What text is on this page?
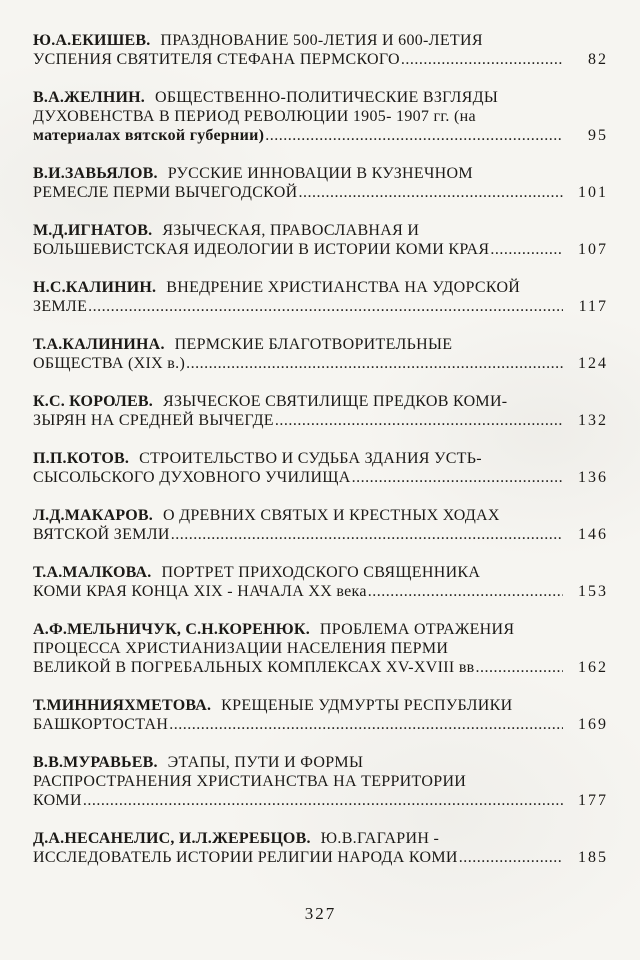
Ю.А.ЕКИШЕВ. ПРАЗДНОВАНИЕ 500-ЛЕТИЯ И 600-ЛЕТИЯ
УСПЕНИЯ СВЯТИТЕЛЯ СТЕФАНА ПЕРМСКОГО .....	82
В.А.ЖЕЛНИН. ОБЩЕСТВЕННО-ПОЛИТИЧЕСКИЕ ВЗГЛЯДЫ
ДУХОВЕНСТВА В ПЕРИОД РЕВОЛЮЦИИ 1905- 1907 гг. (на
материалах вятской губернии) .....	95
В.И.ЗАВЬЯЛОВ. РУССКИЕ ИННОВАЦИИ В КУЗНЕЧНОМ
РЕМЕСЛЕ ПЕРМИ ВЫЧЕГОДСКОЙ .....	101
М.Д.ИГНАТОВ. ЯЗЫЧЕСКАЯ, ПРАВОСЛАВНАЯ И
БОЛЬШЕВИСТСКАЯ ИДЕОЛОГИИ В ИСТОРИИ КОМИ КРАЯ .....	107
Н.С.КАЛИНИН. ВНЕДРЕНИЕ ХРИСТИАНСТВА НА УДОРСКОЙ
ЗЕМЛЕ .....	117
Т.А.КАЛИНИНА. ПЕРМСКИЕ БЛАГОТВОРИТЕЛЬНЫЕ
ОБЩЕСТВА (XIX в.) .....	124
К.С. КОРОЛЕВ. ЯЗЫЧЕСКОЕ СВЯТИЛИЩЕ ПРЕДКОВ КОМИ-
ЗЫРЯН НА СРЕДНЕЙ ВЫЧЕГДЕ .....	132
П.П.КОТОВ. СТРОИТЕЛЬСТВО И СУДЬБА ЗДАНИЯ УСТЬ-
СЫСОЛЬСКОГО ДУХОВНОГО УЧИЛИЩА .....	136
Л.Д.МАКАРОВ. О ДРЕВНИХ СВЯТЫХ И КРЕСТНЫХ ХОДАХ
ВЯТСКОЙ ЗЕМЛИ .....	146
Т.А.МАЛКОВА. ПОРТРЕТ ПРИХОДСКОГО СВЯЩЕННИКА
КОМИ КРАЯ КОНЦА XIX - НАЧАЛА XX века .....	153
А.Ф.МЕЛЬНИЧУК, С.Н.КОРЕНЮК. ПРОБЛЕМА ОТРАЖЕНИЯ
ПРОЦЕССА ХРИСТИАНИЗАЦИИ НАСЕЛЕНИЯ ПЕРМИ
ВЕЛИКОЙ В ПОГРЕБАЛЬНЫХ КОМПЛЕКСАХ XV-XVIII вв .....	162
Т.МИННИЯХМЕТОВА. КРЕЩЕНЫЕ УДМУРТЫ РЕСПУБЛИКИ
БАШКОРТОСТАН .....	169
В.В.МУРАВЬЕВ. ЭТАПЫ, ПУТИ И ФОРМЫ
РАСПРОСТРАНЕНИЯ ХРИСТИАНСТВА НА ТЕРРИТОРИИ
КОМИ .....	177
Д.А.НЕСАНЕЛИС, И.Л.ЖЕРЕБЦОВ. Ю.В.ГАГАРИН -
ИССЛЕДОВАТЕЛЬ ИСТОРИИ РЕЛИГИИ НАРОДА КОМИ .....	185
327
